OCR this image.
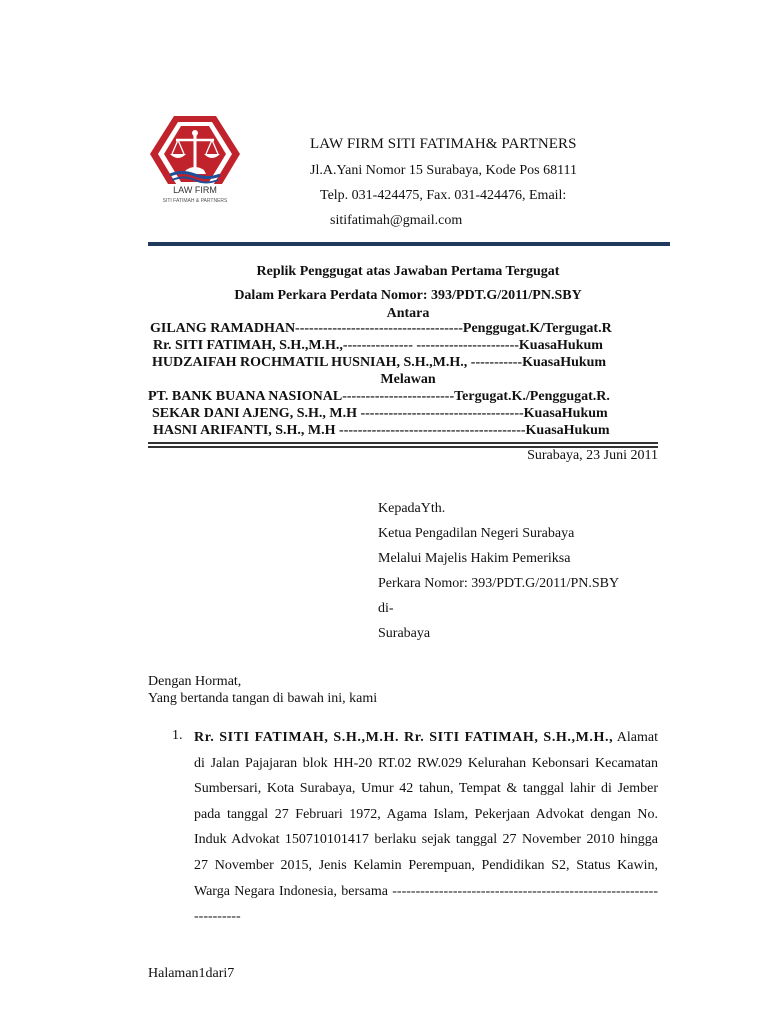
LAW FIRM
SITI FATIMAH & PARTNERS
LAW FIRM SITI FATIMAH& PARTNERS
Jl.A.Yani Nomor 15 Surabaya, Kode Pos 68111
Telp. 031-424475, Fax. 031-424476, Email:
sitifatimah@gmail.com
Replik Penggugat atas Jawaban Pertama Tergugat
Dalam Perkara Perdata Nomor: 393/PDT.G/2011/PN.SBY
Antara
GILANG RAMADHAN------------------------------------Penggugat.K/Tergugat.R
Rr. SITI FATIMAH, S.H.,M.H.,--------------- ----------------------KuasaHukum
HUDZAIFAH ROCHMATIL HUSNIAH, S.H.,M.H., -----------KuasaHukum
Melawan
PT. BANK BUANA NASIONAL------------------------Tergugat.K./Penggugat.R.
SEKAR DANI AJENG, S.H., M.H -----------------------------------KuasaHukum
HASNI ARIFANTI, S.H., M.H ----------------------------------------KuasaHukum
Surabaya, 23 Juni 2011
KepadaYth.
Ketua Pengadilan Negeri Surabaya
Melalui Majelis Hakim Pemeriksa
Perkara Nomor: 393/PDT.G/2011/PN.SBY
di-
Surabaya
Dengan Hormat,
Yang bertanda tangan di bawah ini, kami
1. Rr. SITI FATIMAH, S.H.,M.H. Rr. SITI FATIMAH, S.H.,M.H., Alamat di Jalan Pajajaran blok HH-20 RT.02 RW.029 Kelurahan Kebonsari Kecamatan Sumbersari, Kota Surabaya, Umur 42 tahun, Tempat & tanggal lahir di Jember pada tanggal 27 Februari 1972, Agama Islam, Pekerjaan Advokat dengan No. Induk Advokat 150710101417 berlaku sejak tanggal 27 November 2010 hingga 27 November 2015, Jenis Kelamin Perempuan, Pendidikan S2, Status Kawin, Warga Negara Indonesia, bersama -------------------------------------------------------------------
Halaman1dari7
